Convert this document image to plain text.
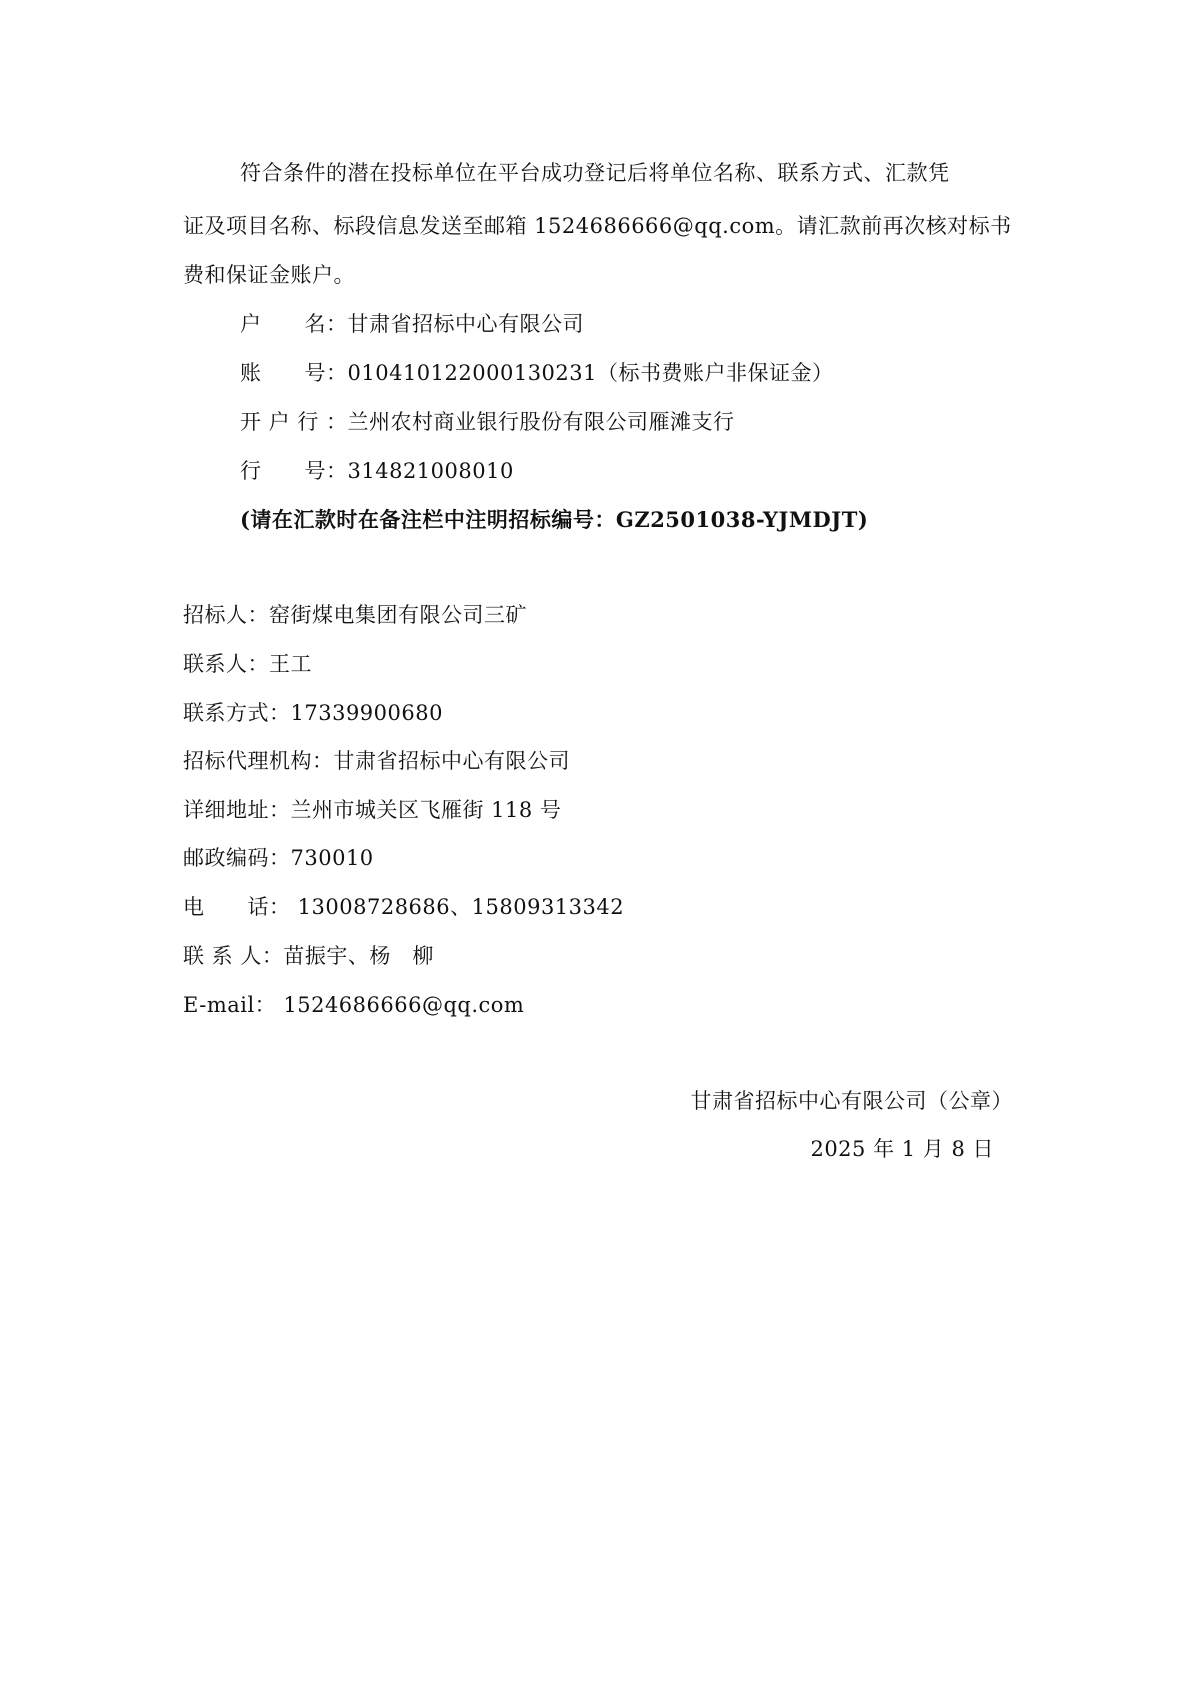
符合条件的潜在投标单位在平台成功登记后将单位名称、联系方式、汇款凭
证及项目名称、标段信息发送至邮箱 1524686666@qq.com。请汇款前再次核对标书
费和保证金账户。
户　　名：甘肃省招标中心有限公司
账　　号：010410122000130231（标书费账户非保证金）
开 户 行 ：兰州农村商业银行股份有限公司雁滩支行
行　　号：314821008010
(请在汇款时在备注栏中注明招标编号：GZ2501038-YJMDJT)
招标人：窑街煤电集团有限公司三矿
联系人：王工
联系方式：17339900680
招标代理机构：甘肃省招标中心有限公司
详细地址：兰州市城关区飞雁街 118 号
邮政编码：730010
电　　话： 13008728686、15809313342
联 系 人：苗振宇、杨　柳
E-mail： 1524686666@qq.com
甘肃省招标中心有限公司（公章）
2025 年 1 月 8 日
